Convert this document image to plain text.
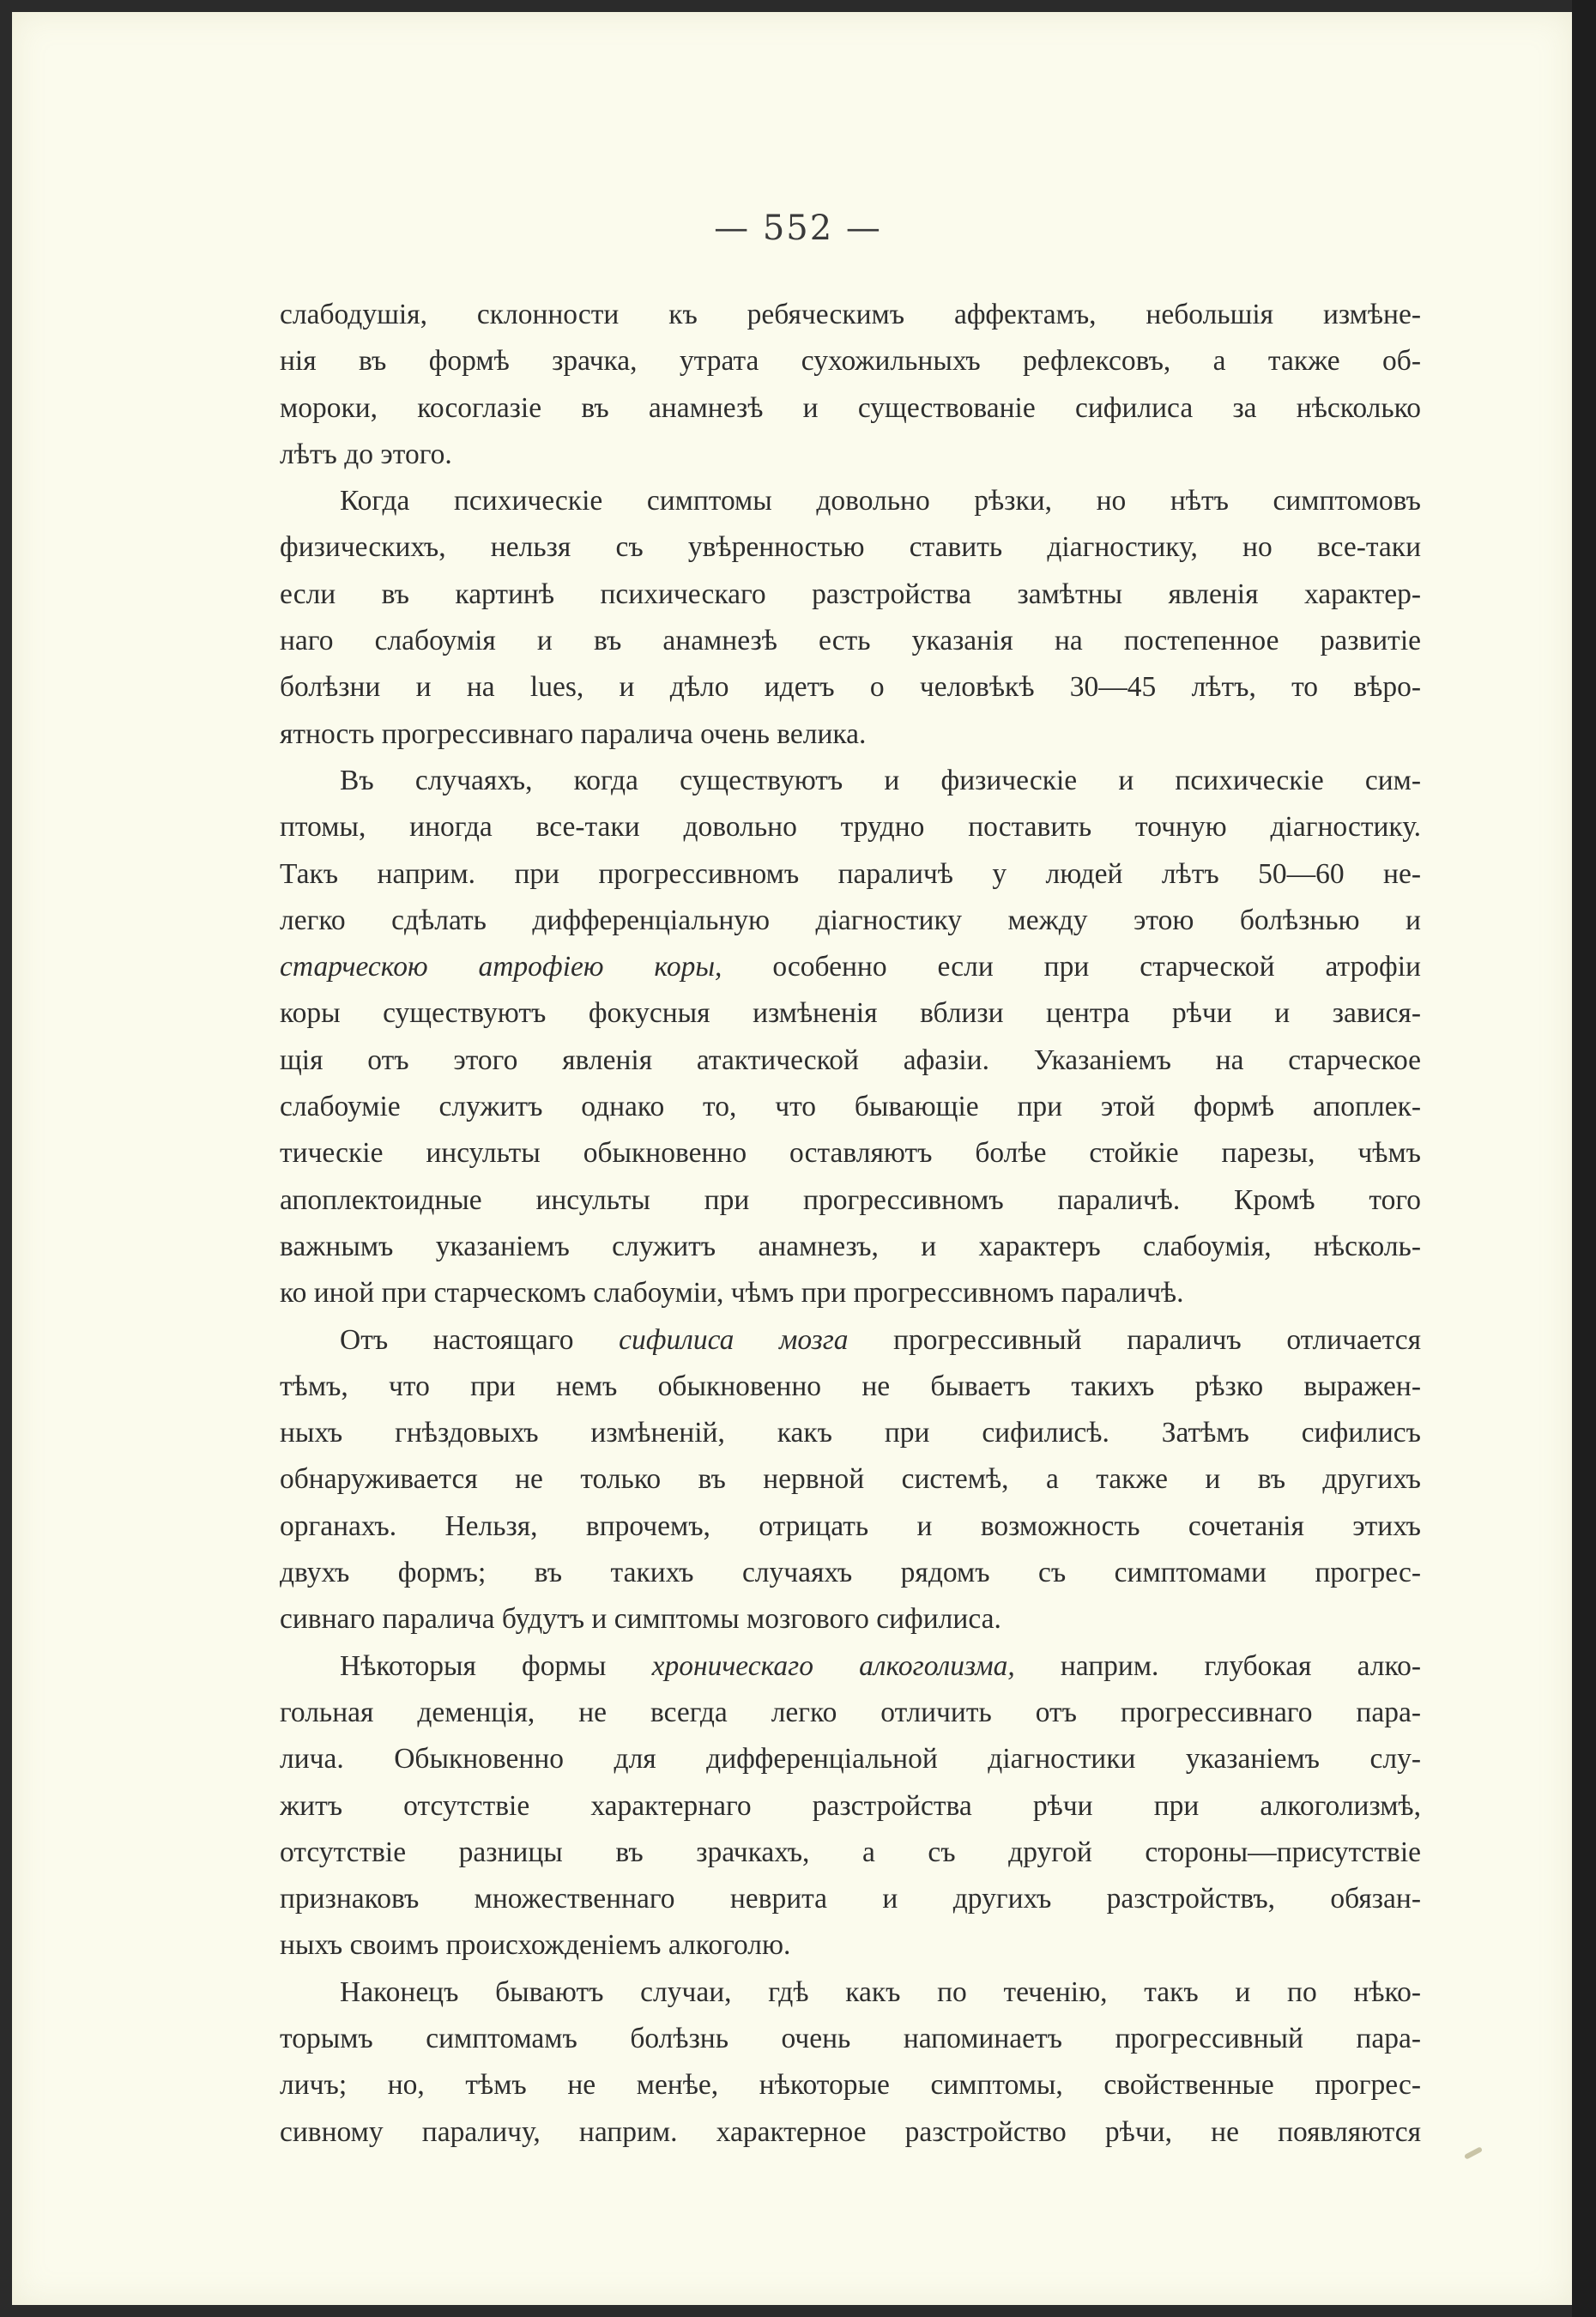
— 552 —
слабодушія, склонности къ ребяческимъ аффектамъ, небольшія измѣне-
нія въ формѣ зрачка, утрата сухожильныхъ рефлексовъ, а также об-
мороки, косоглазіе въ анамнезѣ и существованіе сифилиса за нѣсколько
лѣтъ до этого.
Когда психическіе симптомы довольно рѣзки, но нѣтъ симптомовъ
физическихъ, нельзя съ увѣренностью ставить діагностику, но все-таки
если въ картинѣ психическаго разстройства замѣтны явленія характер-
наго слабоумія и въ анамнезѣ есть указанія на постепенное развитіе
болѣзни и на lues, и дѣло идетъ о человѣкѣ 30—45 лѣтъ, то вѣро-
ятность прогрессивнаго паралича очень велика.
Въ случаяхъ, когда существуютъ и физическіе и психическіе сим-
птомы, иногда все-таки довольно трудно поставить точную діагностику.
Такъ наприм. при прогрессивномъ параличѣ у людей лѣтъ 50—60 не-
легко сдѣлать дифференціальную діагностику между этою болѣзнью и
старческою атрофіею коры, особенно если при старческой атрофіи
коры существуютъ фокусныя измѣненія вблизи центра рѣчи и завися-
щія отъ этого явленія атактической афазіи. Указаніемъ на старческое
слабоуміе служитъ однако то, что бывающіе при этой формѣ апоплек-
тическіе инсульты обыкновенно оставляютъ болѣе стойкіе парезы, чѣмъ
апоплектоидные инсульты при прогрессивномъ параличѣ. Кромѣ того
важнымъ указаніемъ служитъ анамнезъ, и характеръ слабоумія, нѣсколь-
ко иной при старческомъ слабоуміи, чѣмъ при прогрессивномъ параличѣ.
Отъ настоящаго сифилиса мозга прогрессивный параличъ отличается
тѣмъ, что при немъ обыкновенно не бываетъ такихъ рѣзко выражен-
ныхъ гнѣздовыхъ измѣненій, какъ при сифилисѣ. Затѣмъ сифилисъ
обнаруживается не только въ нервной системѣ, а также и въ другихъ
органахъ. Нельзя, впрочемъ, отрицать и возможность сочетанія этихъ
двухъ формъ; въ такихъ случаяхъ рядомъ съ симптомами прогрес-
сивнаго паралича будутъ и симптомы мозгового сифилиса.
Нѣкоторыя формы хроническаго алкоголизма, наприм. глубокая алко-
гольная деменція, не всегда легко отличить отъ прогрессивнаго пара-
лича. Обыкновенно для дифференціальной діагностики указаніемъ слу-
житъ отсутствіе характернаго разстройства рѣчи при алкоголизмѣ,
отсутствіе разницы въ зрачкахъ, а съ другой стороны—присутствіе
признаковъ множественнаго неврита и другихъ разстройствъ, обязан-
ныхъ своимъ происхожденіемъ алкоголю.
Наконецъ бываютъ случаи, гдѣ какъ по теченію, такъ и по нѣко-
торымъ симптомамъ болѣзнь очень напоминаетъ прогрессивный пара-
личъ; но, тѣмъ не менѣе, нѣкоторые симптомы, свойственные прогрес-
сивному параличу, наприм. характерное разстройство рѣчи, не появляются
